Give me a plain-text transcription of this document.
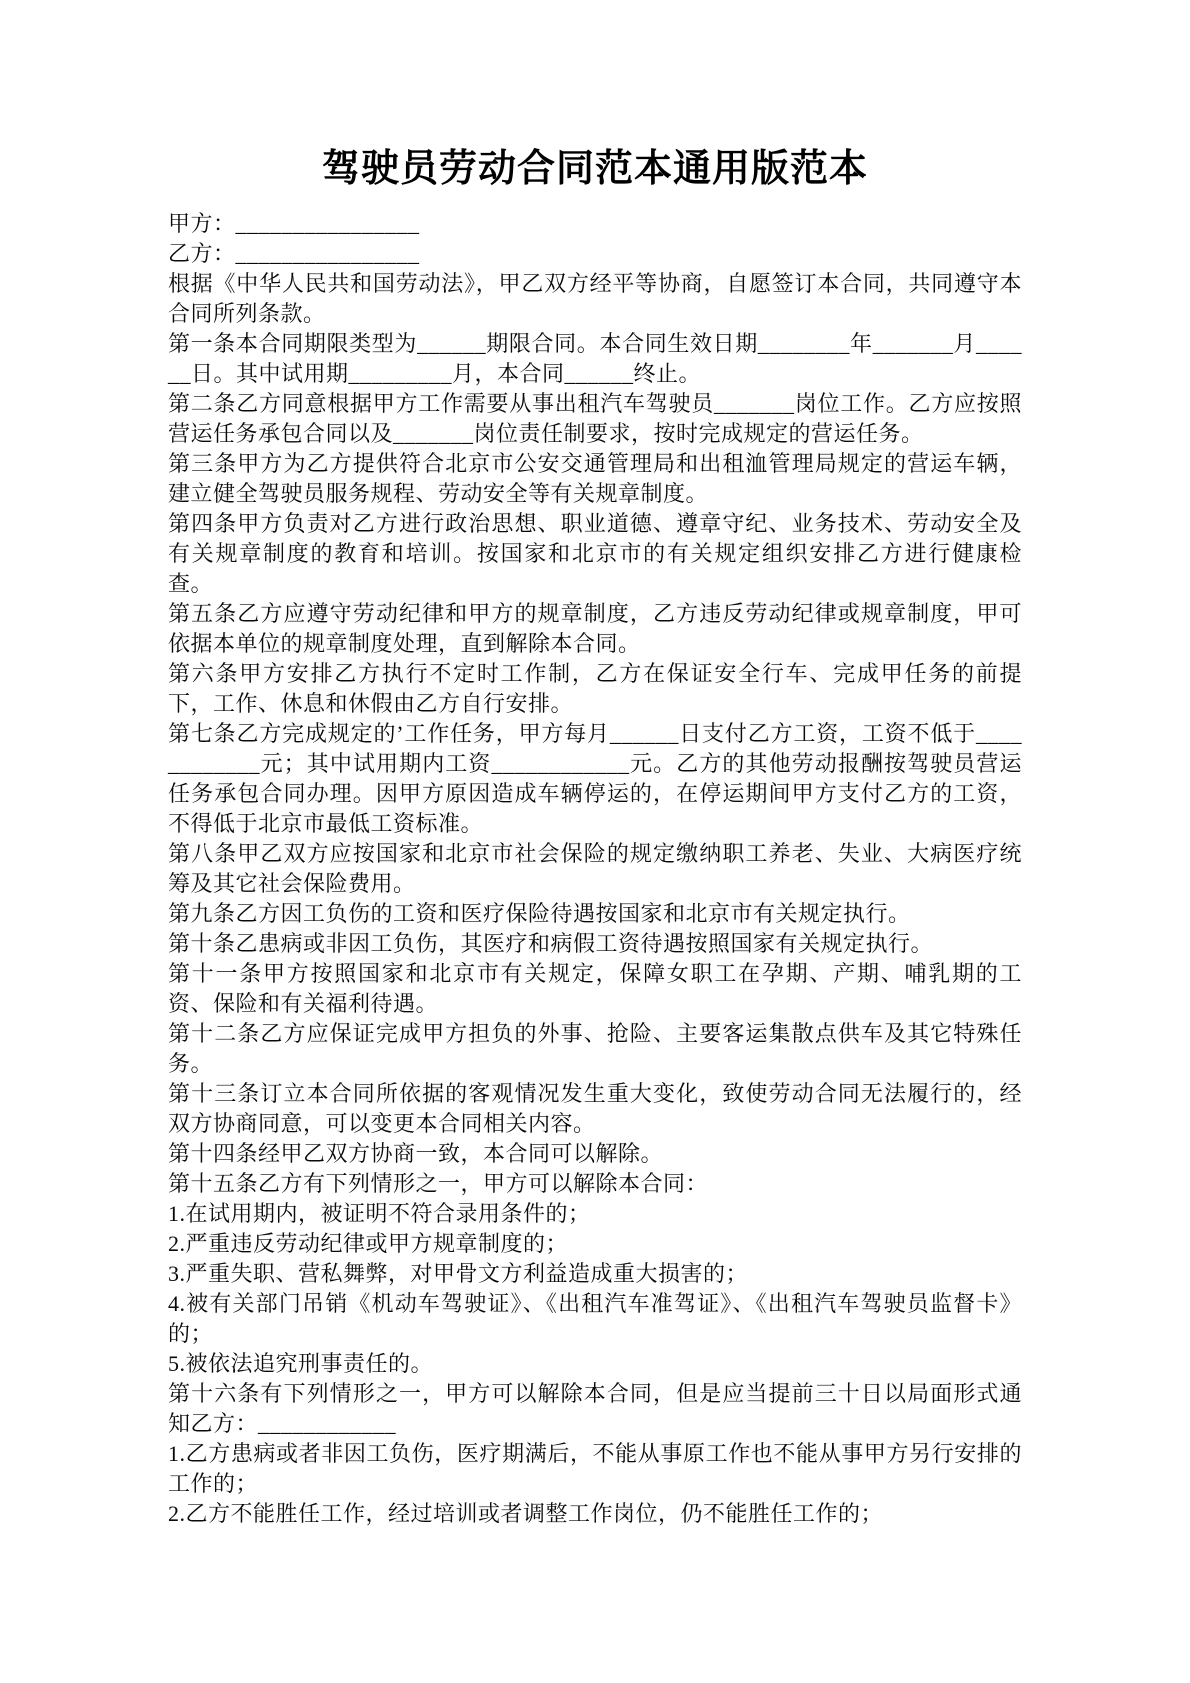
驾驶员劳动合同范本通用版范本

甲方：________________

乙方：________________

根据《中华人民共和国劳动法》，甲乙双方经平等协商，自愿签订本合同，共同遵守本合同所列条款。

第一条本合同期限类型为______期限合同。本合同生效日期________年_______月______日。其中试用期_________月，本合同______终止。

第二条乙方同意根据甲方工作需要从事出租汽车驾驶员_______岗位工作。乙方应按照营运任务承包合同以及_______岗位责任制要求，按时完成规定的营运任务。

第三条甲方为乙方提供符合北京市公安交通管理局和出租洫管理局规定的营运车辆，建立健全驾驶员服务规程、劳动安全等有关规章制度。

第四条甲方负责对乙方进行政治思想、职业道德、遵章守纪、业务技术、劳动安全及有关规章制度的教育和培训。按国家和北京市的有关规定组织安排乙方进行健康检查。

第五条乙方应遵守劳动纪律和甲方的规章制度，乙方违反劳动纪律或规章制度，甲可依据本单位的规章制度处理，直到解除本合同。

第六条甲方安排乙方执行不定时工作制，乙方在保证安全行车、完成甲任务的前提下，工作、休息和休假由乙方自行安排。

第七条乙方完成规定的’工作任务，甲方每月______日支付乙方工资，工资不低于____________元；其中试用期内工资____________元。乙方的其他劳动报酬按驾驶员营运任务承包合同办理。因甲方原因造成车辆停运的，在停运期间甲方支付乙方的工资，不得低于北京市最低工资标准。

第八条甲乙双方应按国家和北京市社会保险的规定缴纳职工养老、失业、大病医疗统筹及其它社会保险费用。

第九条乙方因工负伤的工资和医疗保险待遇按国家和北京市有关规定执行。

第十条乙患病或非因工负伤，其医疗和病假工资待遇按照国家有关规定执行。

第十一条甲方按照国家和北京市有关规定，保障女职工在孕期、产期、哺乳期的工资、保险和有关福利待遇。

第十二条乙方应保证完成甲方担负的外事、抢险、主要客运集散点供车及其它特殊任务。

第十三条订立本合同所依据的客观情况发生重大变化，致使劳动合同无法履行的，经双方协商同意，可以变更本合同相关内容。

第十四条经甲乙双方协商一致，本合同可以解除。

第十五条乙方有下列情形之一，甲方可以解除本合同：

1.在试用期内，被证明不符合录用条件的；

2.严重违反劳动纪律或甲方规章制度的；

3.严重失职、营私舞弊，对甲骨文方利益造成重大损害的；

4.被有关部门吊销《机动车驾驶证》、《出租汽车准驾证》、《出租汽车驾驶员监督卡》的；

5.被依法追究刑事责任的。

第十六条有下列情形之一，甲方可以解除本合同，但是应当提前三十日以局面形式通知乙方：____________

1.乙方患病或者非因工负伤，医疗期满后，不能从事原工作也不能从事甲方另行安排的工作的；

2.乙方不能胜任工作，经过培训或者调整工作岗位，仍不能胜任工作的；
